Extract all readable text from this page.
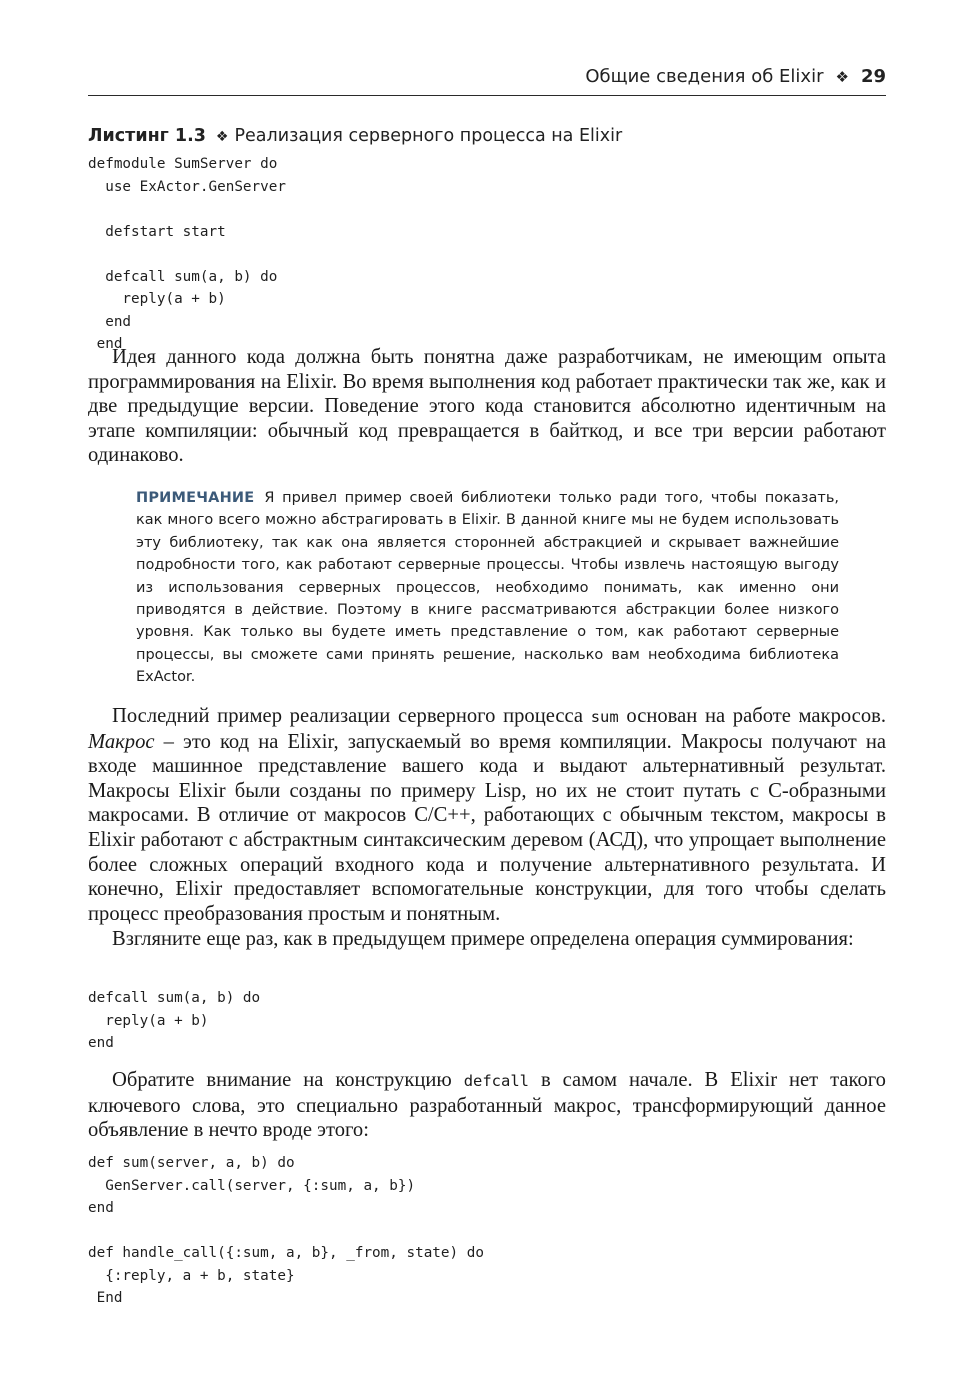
Общие сведения об Elixir ❖ 29
Листинг 1.3 ❖ Реализация серверного процесса на Elixir
defmodule SumServer do
use ExActor.GenServer

defstart start

defcall sum(a, b) do
reply(a + b)
end
end

Идея данного кода должна быть понятна даже разработчикам, не имеющим опыта программирования на Elixir. Во время выполнения код работает практически так же, как и две предыдущие версии. Поведение этого кода становится абсолютно идентичным на этапе компиляции: обычный код превращается в байткод, и все три версии работают одинаково.

ПРИМЕЧАНИЕ Я привел пример своей библиотеки только ради того, чтобы показать, как много всего можно абстрагировать в Elixir. В данной книге мы не будем использовать эту библиотеку, так как она является сторонней абстракцией и скрывает важнейшие подробности того, как работают серверные процессы. Чтобы извлечь настоящую выгоду из использования серверных процессов, необходимо понимать, как именно они приводятся в действие. Поэтому в книге рассматриваются абстракции более низкого уровня. Как только вы будете иметь представление о том, как работают серверные процессы, вы сможете сами принять решение, насколько вам необходима библиотека ExActor.

Последний пример реализации серверного процесса sum основан на работе макросов. Макрос – это код на Elixir, запускаемый во время компиляции. Макросы получают на входе машинное представление вашего кода и выдают альтернативный результат. Макросы Elixir были созданы по примеру Lisp, но их не стоит путать с С-образными макросами. В отличие от макросов C/C++, работающих с обычным текстом, макросы в Elixir работают с абстрактным синтаксическим деревом (АСД), что упрощает выполнение более сложных операций входного кода и получение альтернативного результата. И конечно, Elixir предоставляет вспомогательные конструкции, для того чтобы сделать процесс преобразования простым и понятным.

Взгляните еще раз, как в предыдущем примере определена операция суммирования:

defcall sum(a, b) do
reply(a + b)
end

Обратите внимание на конструкцию defcall в самом начале. В Elixir нет такого ключевого слова, это специально разработанный макрос, трансформирующий данное объявление в нечто вроде этого:

def sum(server, a, b) do
GenServer.call(server, {:sum, a, b})
end

def handle_call({:sum, a, b}, _from, state) do
{:reply, a + b, state}
End
